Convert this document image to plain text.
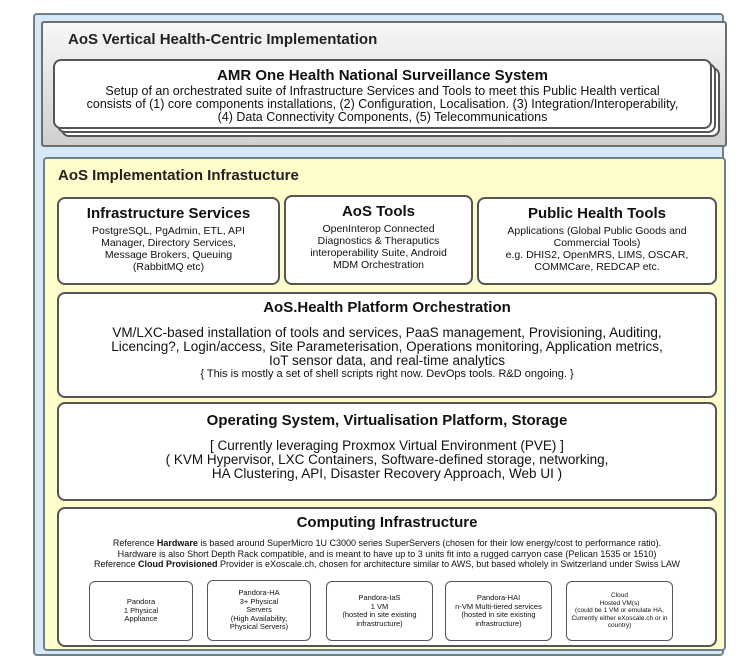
AoS Vertical Health-Centric Implementation
AMR One Health National Surveillance System
Setup of an orchestrated suite of Infrastructure Services and Tools to meet this Public Health vertical
consists of (1) core components installations, (2) Configuration, Localisation. (3) Integration/Interoperability,
(4) Data Connectivity Components, (5) Telecommunications
AoS Implementation Infrastucture
Infrastructure Services
PostgreSQL, PgAdmin, ETL, API
Manager, Directory Services,
Message Brokers, Queuing
(RabbitMQ etc)
AoS Tools
OpenInterop Connected
Diagnostics & Theraputics
interoperability Suite, Android
MDM Orchestration
Public Health Tools
Applications (Global Public Goods and
Commercial Tools)
e.g. DHIS2, OpenMRS, LIMS, OSCAR,
COMMCare, REDCAP etc.
AoS.Health Platform Orchestration
VM/LXC-based installation of tools and services, PaaS management, Provisioning, Auditing,
Licencing?, Login/access, Site Parameterisation, Operations monitoring, Application metrics,
IoT sensor data, and real-time analytics
{ This is mostly a set of shell scripts right now. DevOps tools. R&D ongoing. }
Operating System, Virtualisation Platform, Storage
[ Currently leveraging Proxmox Virtual Environment (PVE) ]
( KVM Hypervisor, LXC Containers, Software-defined storage, networking,
HA Clustering, API, Disaster Recovery Approach, Web UI )
Computing Infrastructure
Reference Hardware is based around SuperMicro 1U C3000 series SuperServers (chosen for their low energy/cost to performance ratio).
Hardware is also Short Depth Rack compatible, and is meant to have up to 3 units fit into a rugged carryon case (Pelican 1535 or 1510)
Reference Cloud Provisioned Provider is eXoscale.ch, chosen for architecture similar to AWS, but based wholely in Switzerland under Swiss LAW
Pandora
1 Physical
Appliance
Pandora-HA
3+ Physical
Servers
(High Availability,
Physical Servers)
Pandora-IaS
1 VM
(hosted in site existing
infrastructure)
Pandora-HAI
n-VM Multi-tiered services
(hosted in site existing
infrastructure)
Cloud
Hosted VM(s)
(could be 1 VM or emulate HA,
Currently either eXoscale.ch or in
country)
